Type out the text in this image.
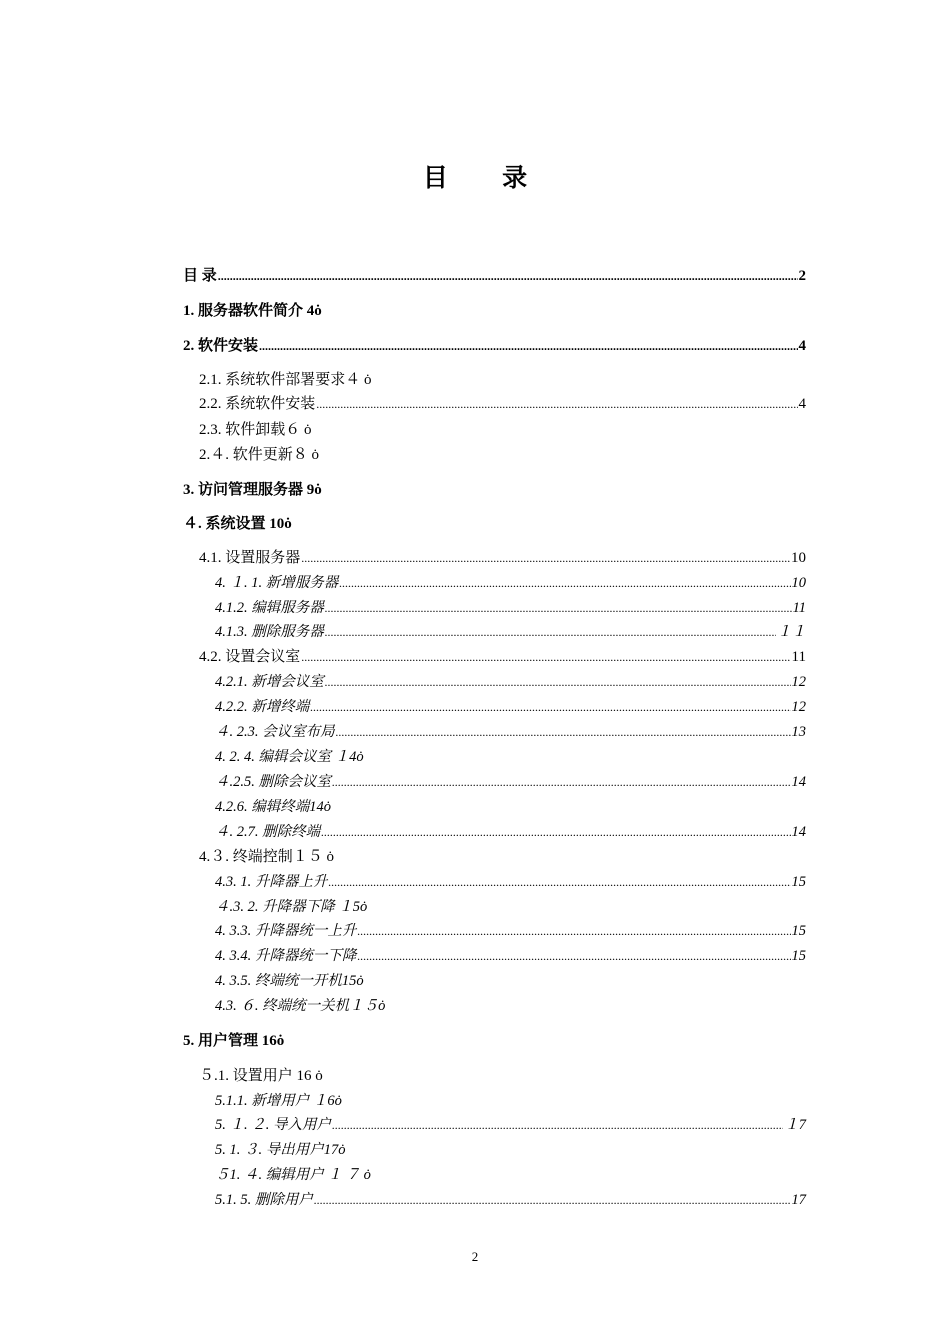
目 录
目 录 .....	2
1. 服务器软件简介 4ȯ
2. 软件安装 .....	4
2.1. 系统软件部署要求４ ȯ
2.2. 系统软件安装 .....	4
2.3. 软件卸载６ ȯ
2.４. 软件更新８ ȯ
3. 访问管理服务器 9ȯ
４. 系统设置 10ȯ
4.1. 设置服务器 .....	10
4. １. 1. 新增服务器 .....	10
4.1.2. 编辑服务器 .....	11
4.1.3. 删除服务器 .....	１１
4.2. 设置会议室 .....	11
4.2.1. 新增会议室 .....	12
4.2.2. 新增终端 .....	12
４. 2.3. 会议室布局 .....	13
4. 2. 4. 编辑会议室 １4ȯ
４.2.5. 删除会议室 .....	14
4.2.6. 编辑终端14ȯ
４. 2.7. 删除终端 .....	14
4.３. 终端控制１５ ȯ
4.3. 1. 升降器上升 .....	15
４.3. 2. 升降器下降 １5ȯ
4. 3.3. 升降器统一上升 .....	15
4. 3.4. 升降器统一下降 .....	15
4. 3.5. 终端统一开机15ȯ
4.3. ６. 终端统一关机１５ȯ
5. 用户管理 16ȯ
５.1. 设置用户 16 ȯ
5.1.1. 新增用户 １6ȯ
5. １. ２. 导入用户 .....	１7
5. 1. ３. 导出用户17ȯ
５1. ４. 编辑用户 １ ７ ȯ
5.1. 5. 删除用户 .....	17
2
